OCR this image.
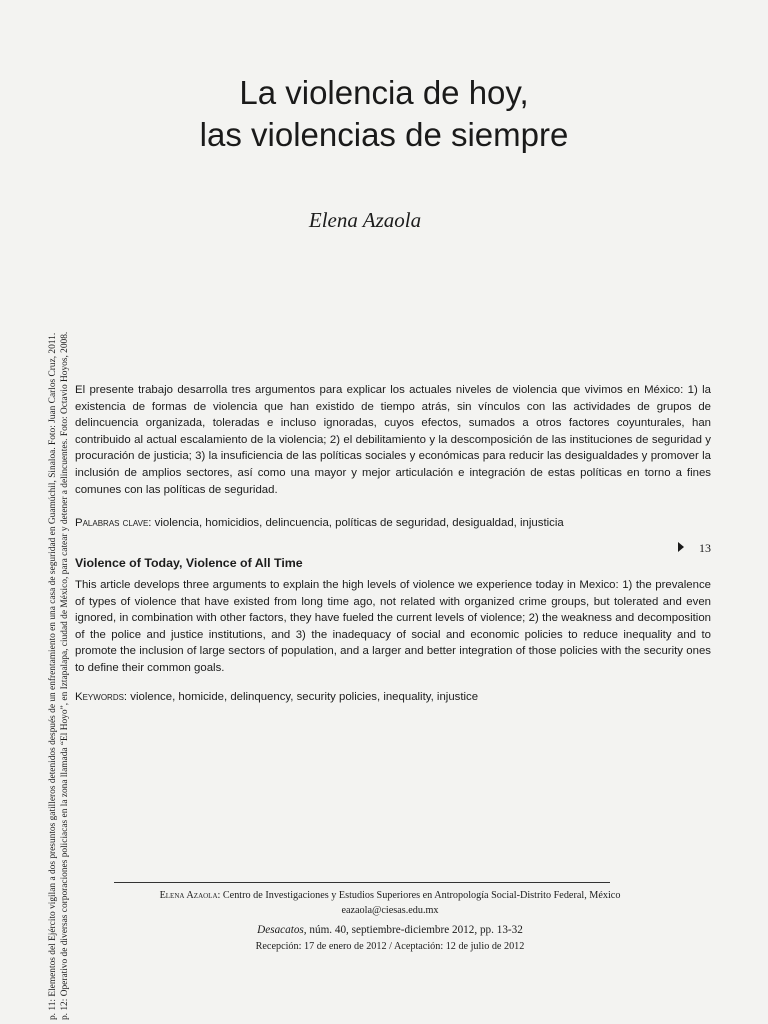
La violencia de hoy,
las violencias de siempre
Elena Azaola
p. 11: Elementos del Ejército vigilan a dos presuntos gatilleros detenidos después de un enfrentamiento en una casa de seguridad en Guamúchil, Sinaloa. Foto: Juan Carlos Cruz, 2011. p. 12: Operativo de diversas corporaciones policiacas en la zona llamada “El Hoyo”, en Iztapalapa, ciudad de México, para catear y detener a delincuentes. Foto: Octavio Hoyos, 2008. El presente trabajo desarrolla tres argumentos para explicar los actuales niveles de violencia que vivimos en México: 1) la existencia de formas de violencia que han existido de tiempo atrás, sin vínculos con las actividades de grupos de delincuencia organizada, toleradas e incluso ignoradas, cuyos efectos, sumados a otros factores coyunturales, han contribuido al actual escalamiento de la violencia; 2) el debilitamiento y la descomposición de las instituciones de seguridad y procuración de justicia; 3) la insuficiencia de las políticas sociales y económicas para reducir las desigualdades y promover la inclusión de amplios sectores, así como una mayor y mejor articulación e integración de estas políticas en torno a fines comunes con las políticas de seguridad.
Palabras clave: violencia, homicidios, delincuencia, políticas de seguridad, desigualdad, injusticia
13
Violence of Today, Violence of All Time
This article develops three arguments to explain the high levels of violence we experience today in Mexico: 1) the prevalence of types of violence that have existed from long time ago, not related with organized crime groups, but tolerated and even ignored, in combination with other factors, they have fueled the current levels of violence; 2) the weakness and decomposition of the police and justice institutions, and 3) the inadequacy of social and economic policies to reduce inequality and to promote the inclusion of large sectors of population, and a larger and better integration of those policies with the security ones to define their common goals.
Keywords: violence, homicide, delinquency, security policies, inequality, injustice
Elena Azaola: Centro de Investigaciones y Estudios Superiores en Antropología Social-Distrito Federal, México
eazaola@ciesas.edu.mx
Desacatos, núm. 40, septiembre-diciembre 2012, pp. 13-32
Recepción: 17 de enero de 2012 / Aceptación: 12 de julio de 2012
